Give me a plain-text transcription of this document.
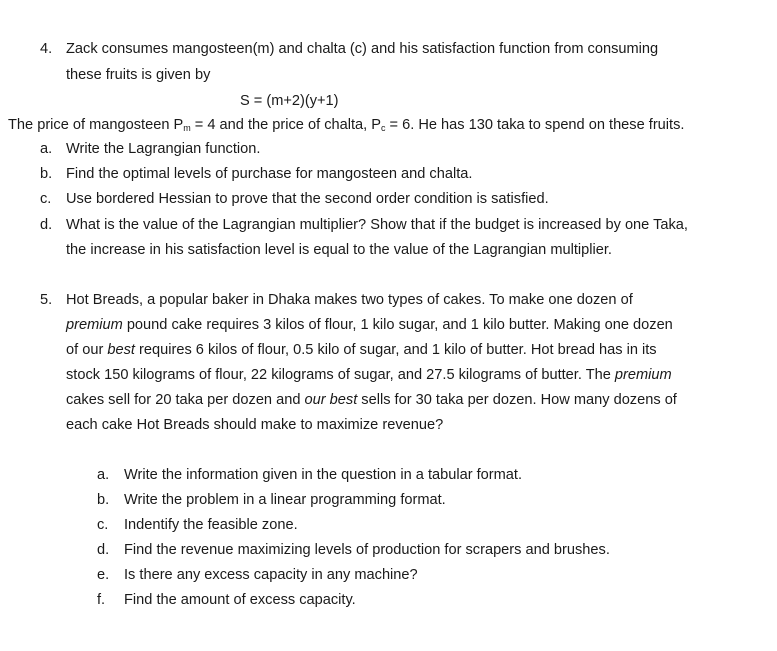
4. Zack consumes mangosteen(m) and chalta (c) and his satisfaction function from consuming
these fruits is given by
S = (m+2)(y+1)
The price of mangosteen $P_m = 4$ and the price of chalta, $P_c = 6$. He has 130 taka to spend on these fruits.
a. Write the Lagrangian function.
b. Find the optimal levels of purchase for mangosteen and chalta.
c. Use bordered Hessian to prove that the second order condition is satisfied.
d. What is the value of the Lagrangian multiplier? Show that if the budget is increased by one Taka,
the increase in his satisfaction level is equal to the value of the Lagrangian multiplier.
5. Hot Breads, a popular baker in Dhaka makes two types of cakes. To make one dozen of
premium pound cake requires 3 kilos of flour, 1 kilo sugar, and 1 kilo butter. Making one dozen
of our best requires 6 kilos of flour, 0.5 kilo of sugar, and 1 kilo of butter. Hot bread has in its
stock 150 kilograms of flour, 22 kilograms of sugar, and 27.5 kilograms of butter. The premium
cakes sell for 20 taka per dozen and our best sells for 30 taka per dozen. How many dozens of
each cake Hot Breads should make to maximize revenue?
a. Write the information given in the question in a tabular format.
b. Write the problem in a linear programming format.
c. Indentify the feasible zone.
d. Find the revenue maximizing levels of production for scrapers and brushes.
e. Is there any excess capacity in any machine?
f. Find the amount of excess capacity.
